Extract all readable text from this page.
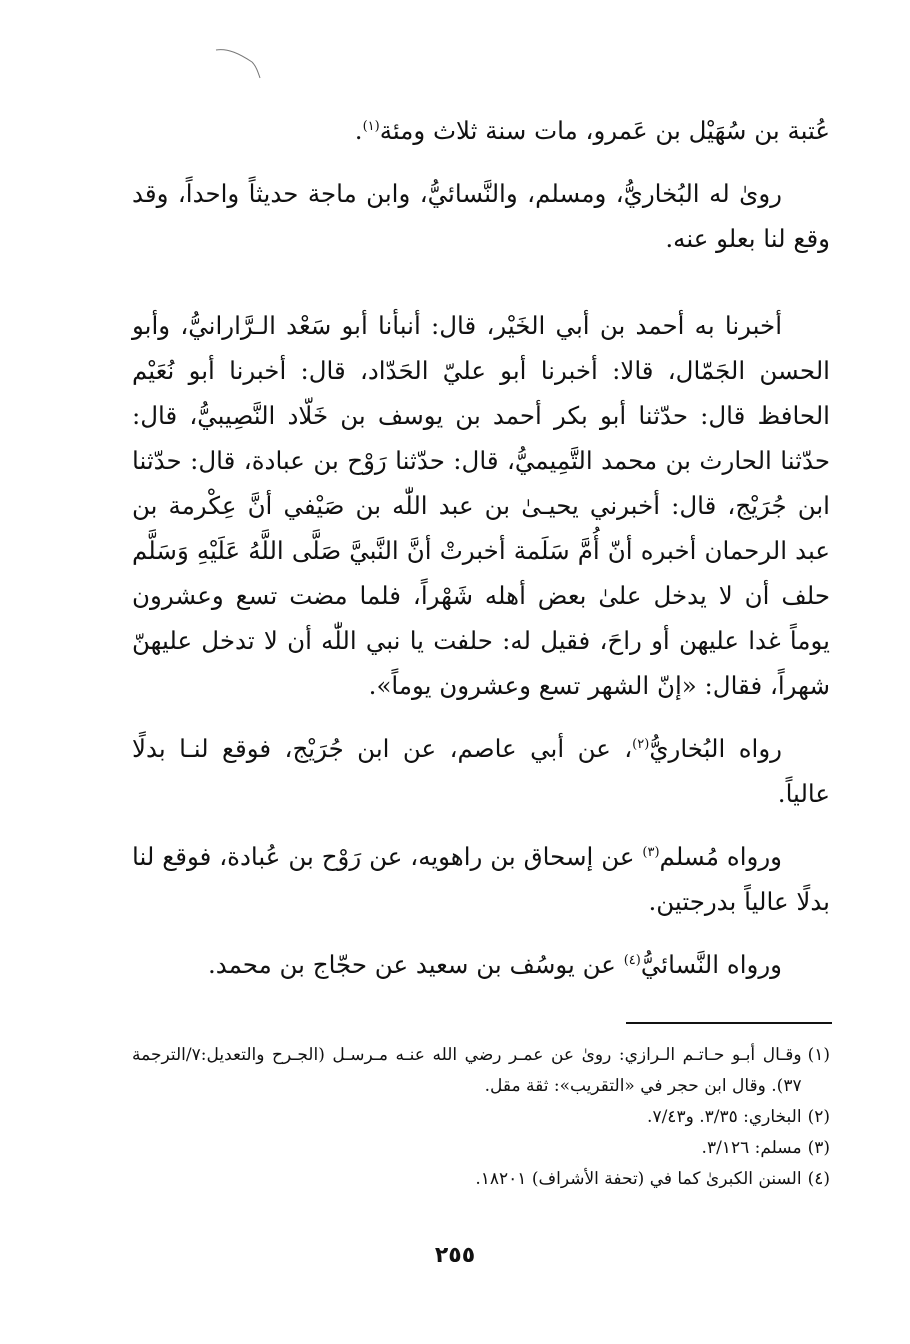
عُتبة بن سُهَيْل بن عَمرو، مات سنة ثلاث ومئة$^{(١)}$.

رویٰ له البُخاريُّ، ومسلم، والنَّسائيُّ، وابن ماجة حديثاً واحداً، وقد وقع لنا بعلو عنه.

أخبرنا به أحمد بن أبي الخَيْر، قال: أنبأنا أبو سَعْد الـرَّارانيُّ، وأبو الحسن الجَمّال، قالا: أخبرنا أبو عليّ الحَدّاد، قال: أخبرنا أبو نُعَيْم الحافظ قال: حدّثنا أبو بكر أحمد بن يوسف بن خَلّاد النَّصِيبيُّ، قال: حدّثنا الحارث بن محمد التَّمِيميُّ، قال: حدّثنا رَوْح بن عبادة، قال: حدّثنا ابن جُرَيْج، قال: أخبرني يحيـىٰ بن عبد اللّٰه بن صَيْفي أنَّ عِكْرمة بن عبد الرحمان أخبره أنّ أُمَّ سَلَمة أخبرتْ أنَّ النَّبيَّ صَلَّى اللَّهُ عَلَيْهِ وَسَلَّم حلف أن لا يدخل علىٰ بعض أهله شَهْراً، فلما مضت تسع وعشرون يوماً غدا عليهن أو راحَ، فقيل له: حلفت يا نبي اللّٰه أن لا تدخل عليهنّ شهراً، فقال: «إنّ الشهر تسع وعشرون يوماً».

رواه البُخاريُّ$^{(٢)}$، عن أبي عاصم، عن ابن جُرَيْج، فوقع لنـا بدلًا عالياً.

ورواه مُسلم$^{(٣)}$ عن إسحاق بن راهويه، عن رَوْح بن عُبادة، فوقع لنا بدلًا عالياً بدرجتين.

ورواه النَّسائيُّ$^{(٤)}$ عن يوسُف بن سعيد عن حجّاج بن محمد.

(١)
وقـال أبـو حـاتـم الـرازي: رویٰ عن عمـر رضي الله عنـه مـرسـل (الجـرح والتعديل:٧/الترجمة ٣٧). وقال ابن حجر في «التقريب»: ثقة مقل.
(٢)
البخاري: ٣/٣٥. و٧/٤٣.
(٣)
مسلم: ٣/١٢٦.
(٤)
السنن الكبرىٰ كما في (تحفة الأشراف) ١٨٢٠١.
٢٥٥
